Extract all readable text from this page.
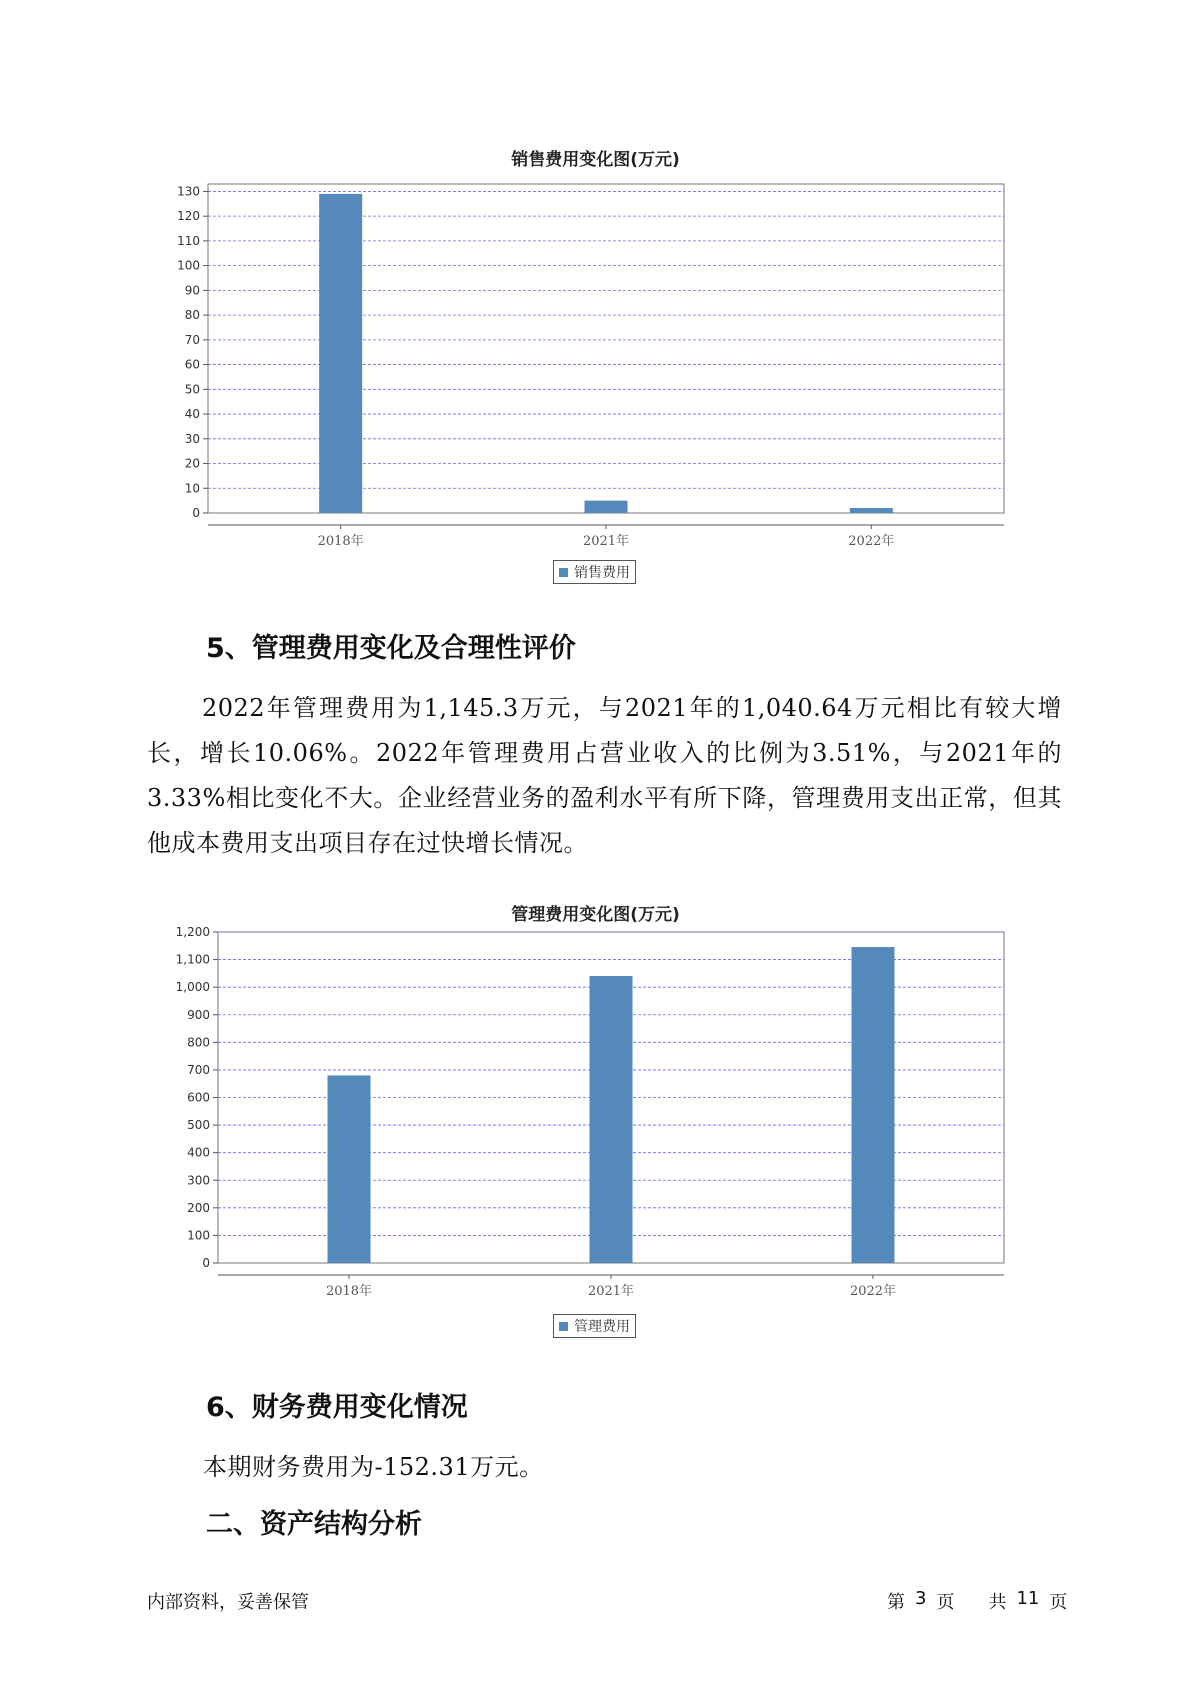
销售费用变化图(万元)
0
10
20
30
40
50
60
70
80
90
100
110
120
130
2018年	2021年	2022年
销售费用
5、管理费用变化及合理性评价

2022年管理费用为1,145.3万元，与2021年的1,040.64万元相比有较大增长，增长10.06%。2022年管理费用占营业收入的比例为3.51%，与2021年的3.33%相比变化不大。企业经营业务的盈利水平有所下降，管理费用支出正常，但其他成本费用支出项目存在过快增长情况。

管理费用变化图(万元)
0
100
200
300
400
500
600
700
800
900
1,000
1,100
1,200
2018年	2021年	2022年
管理费用
6、财务费用变化情况
本期财务费用为-152.31万元。
二、资产结构分析
内部资料，妥善保管	第 3 页 共 11 页
